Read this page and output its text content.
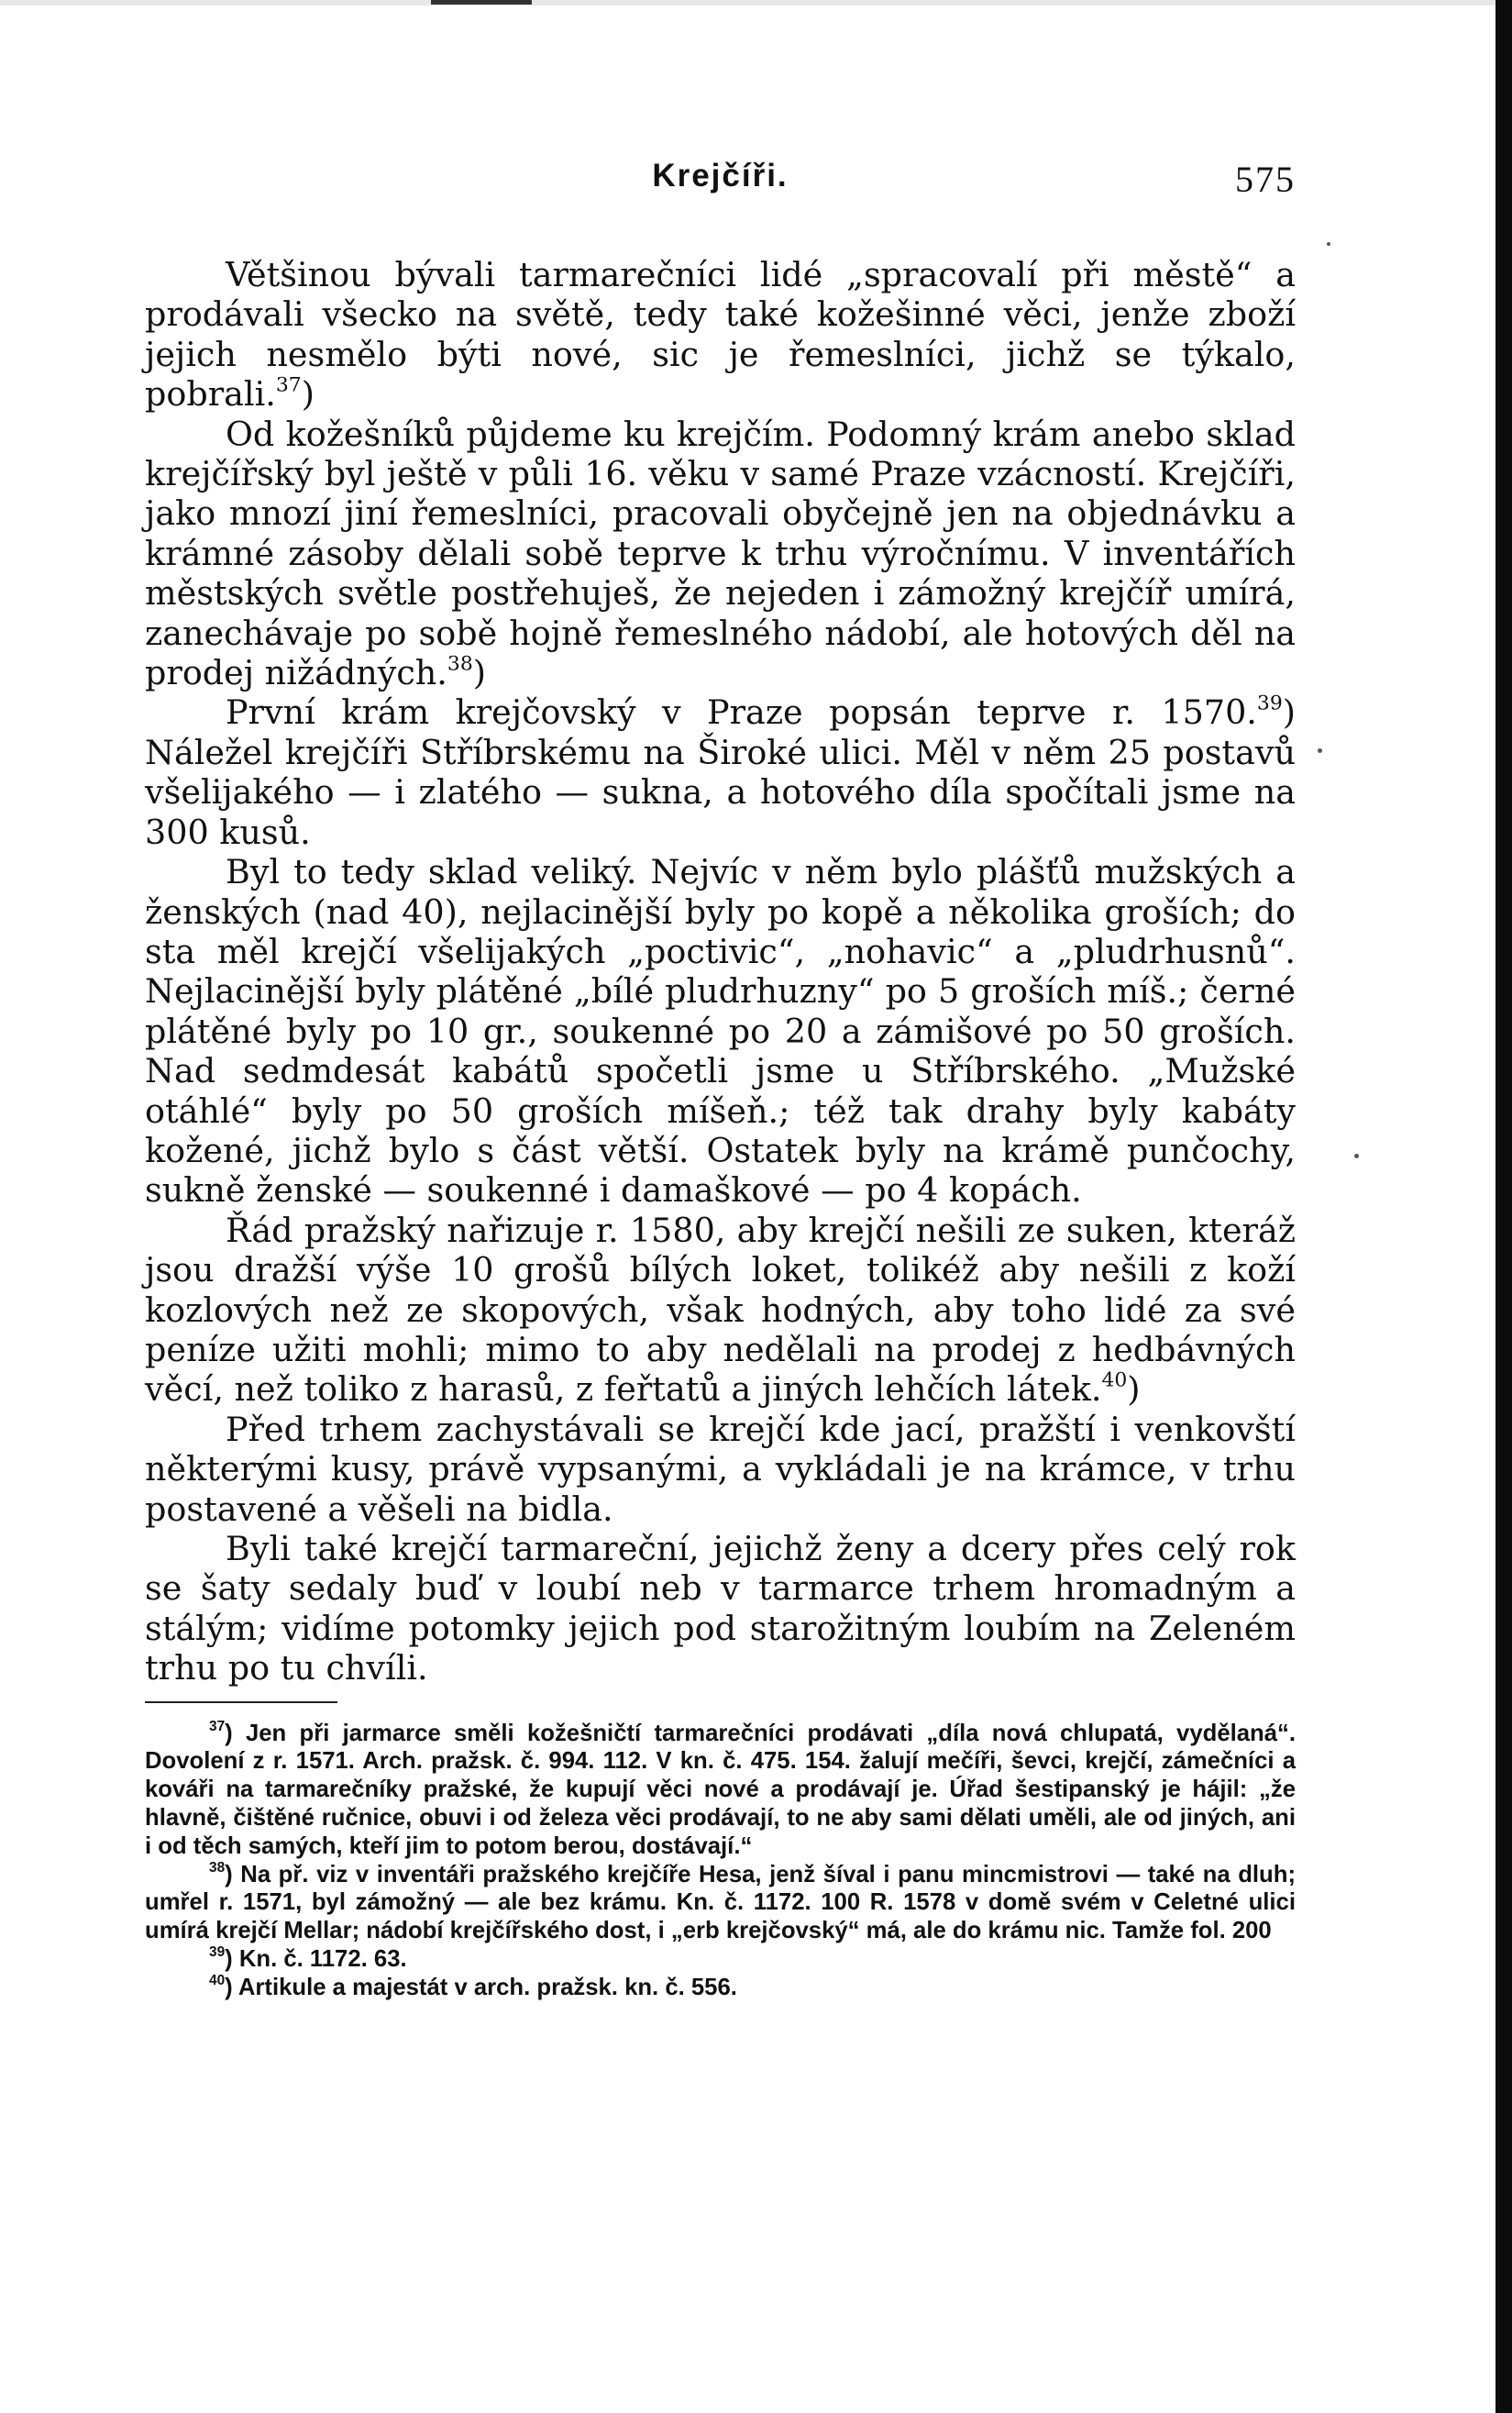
Krejčíři.	575

Většinou bývali tarmarečníci lidé „spracovalí při městě“ a prodávali všecko na světě, tedy také kožešinné věci, jenže zboží jejich nesmělo býti nové, sic je řemeslníci, jichž se týkalo, pobrali.$^{37}$)

Od kožešníků půjdeme ku krejčím. Podomný krám anebo sklad krejčířský byl ještě v půli 16. věku v samé Praze vzácností. Krejčíři, jako mnozí jiní řemeslníci, pracovali obyčejně jen na objednávku a krámné zásoby dělali sobě teprve k trhu výročnímu. V inventářích městských světle postřehuješ, že nejeden i zámožný krejčíř umírá, zanechávaje po sobě hojně řemeslného nádobí, ale hotových děl na prodej nižádných.$^{38}$)

První krám krejčovský v Praze popsán teprve r. 1570.39) Náležel krejčíři Stříbrskému na Široké ulici. Měl v něm 25 postavů všelijakého — i zlatého — sukna, a hotového díla spočítali jsme na 300 kusů.

Byl to tedy sklad veliký. Nejvíc v něm bylo plášťů mužských a ženských (nad 40), nejlacinější byly po kopě a několika groších; do sta měl krejčí všelijakých „poctivic“, „nohavic“ a „pludrhusnů“. Nejlacinější byly plátěné „bílé pludrhuzny“ po 5 groších míš.; černé plátěné byly po 10 gr., soukenné po 20 a zámišové po 50 groších. Nad sedmdesát kabátů spočetli jsme u Stříbrského. „Mužské otáhlé“ byly po 50 groších míšeň.; též tak drahy byly kabáty kožené, jichž bylo s část větší. Ostatek byly na krámě punčochy, sukně ženské — soukenné i damaškové — po 4 kopách.

Řád pražský nařizuje r. 1580, aby krejčí nešili ze suken, kteráž jsou dražší výše 10 grošů bílých loket, tolikéž aby nešili z koží kozlových než ze skopových, však hodných, aby toho lidé za své peníze užiti mohli; mimo to aby nedělali na prodej z hedbávných věcí, než toliko z harasů, z feřtatů a jiných lehčích látek.$^{40}$)

Před trhem zachystávali se krejčí kde jací, pražští i venkovští některými kusy, právě vypsanými, a vykládali je na krámce, v trhu postavené a věšeli na bidla.

Byli také krejčí tarmareční, jejichž ženy a dcery přes celý rok se šaty sedaly buď v loubí neb v tarmarce trhem hromadným a stálým; vidíme potomky jejich pod starožitným loubím na Zeleném trhu po tu chvíli.

$^{37}$) Jen při jarmarce směli kožešničtí tarmarečníci prodávati „díla nová chlupatá, vydělaná“. Dovolení z r. 1571. Arch. pražsk. č. 994. 112. V kn. č. 475. 154. žalují mečíři, ševci, krejčí, zámečníci a kováři na tarmarečníky pražské, že kupují věci nové a prodávají je. Úřad šestipanský je hájil: „že hlavně, čištěné ručnice, obuvi i od železa věci prodávají, to ne aby sami dělati uměli, ale od jiných, ani i od těch samých, kteří jim to potom berou, dostávají.“

$^{38}$) Na př. viz v inventáři pražského krejčíře Hesa, jenž šíval i panu mincmistrovi — také na dluh; umřel r. 1571, byl zámožný — ale bez krámu. Kn. č. 1172. 100 R. 1578 v domě svém v Celetné ulici umírá krejčí Mellar; nádobí krejčířského dost, i „erb krejčovský“ má, ale do krámu nic. Tamže fol. 200

$^{39}$) Kn. č. 1172. 63.

$^{40}$) Artikule a majestát v arch. pražsk. kn. č. 556.
